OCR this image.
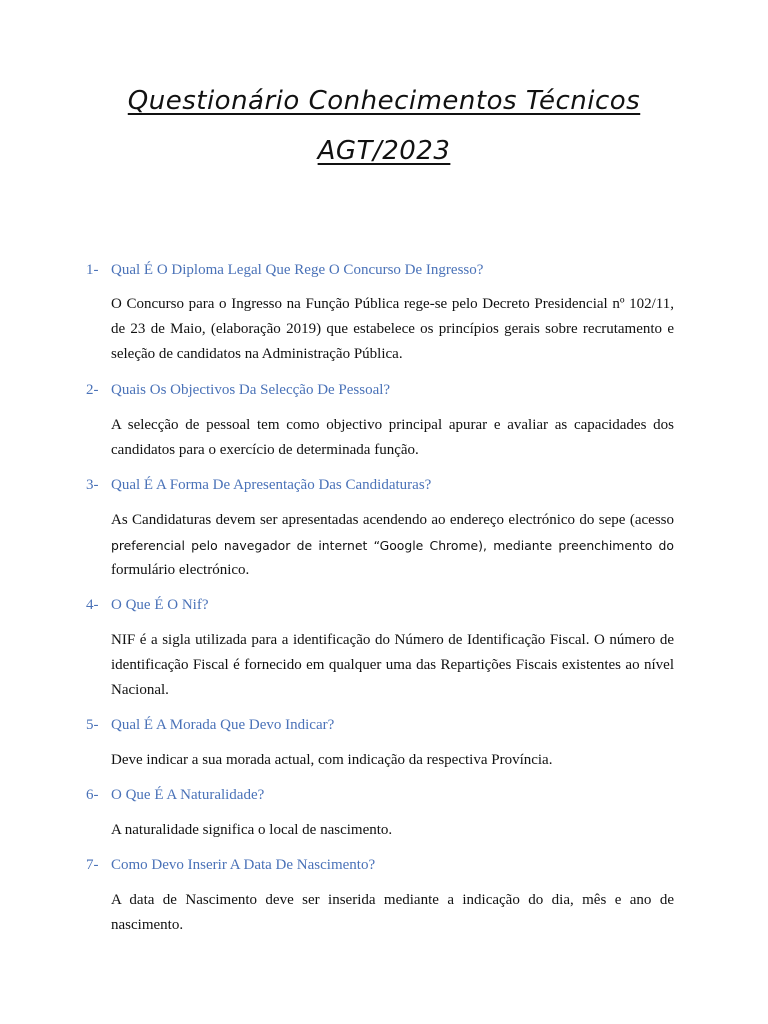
Questionário Conhecimentos Técnicos
AGT/2023
1- Qual É O Diploma Legal Que Rege O Concurso De Ingresso?
O Concurso para o Ingresso na Função Pública rege-se pelo Decreto Presidencial nº 102/11, de 23 de Maio, (elaboração 2019) que estabelece os princípios gerais sobre recrutamento e seleção de candidatos na Administração Pública.
2- Quais Os Objectivos Da Selecção De Pessoal?
A selecção de pessoal tem como objectivo principal apurar e avaliar as capacidades dos candidatos para o exercício de determinada função.
3- Qual É A Forma De Apresentação Das Candidaturas?
As Candidaturas devem ser apresentadas acendendo ao endereço electrónico do sepe (acesso
preferencial pelo navegador de internet “Google Chrome), mediante preenchimento do
formulário electrónico.
4- O Que É O Nif?
NIF é a sigla utilizada para a identificação do Número de Identificação Fiscal. O número de identificação Fiscal é fornecido em qualquer uma das Repartições Fiscais existentes ao nível Nacional.
5- Qual É A Morada Que Devo Indicar?
Deve indicar a sua morada actual, com indicação da respectiva Província.
6- O Que É A Naturalidade?
A naturalidade significa o local de nascimento.
7- Como Devo Inserir A Data De Nascimento?
A data de Nascimento deve ser inserida mediante a indicação do dia, mês e ano de nascimento.
